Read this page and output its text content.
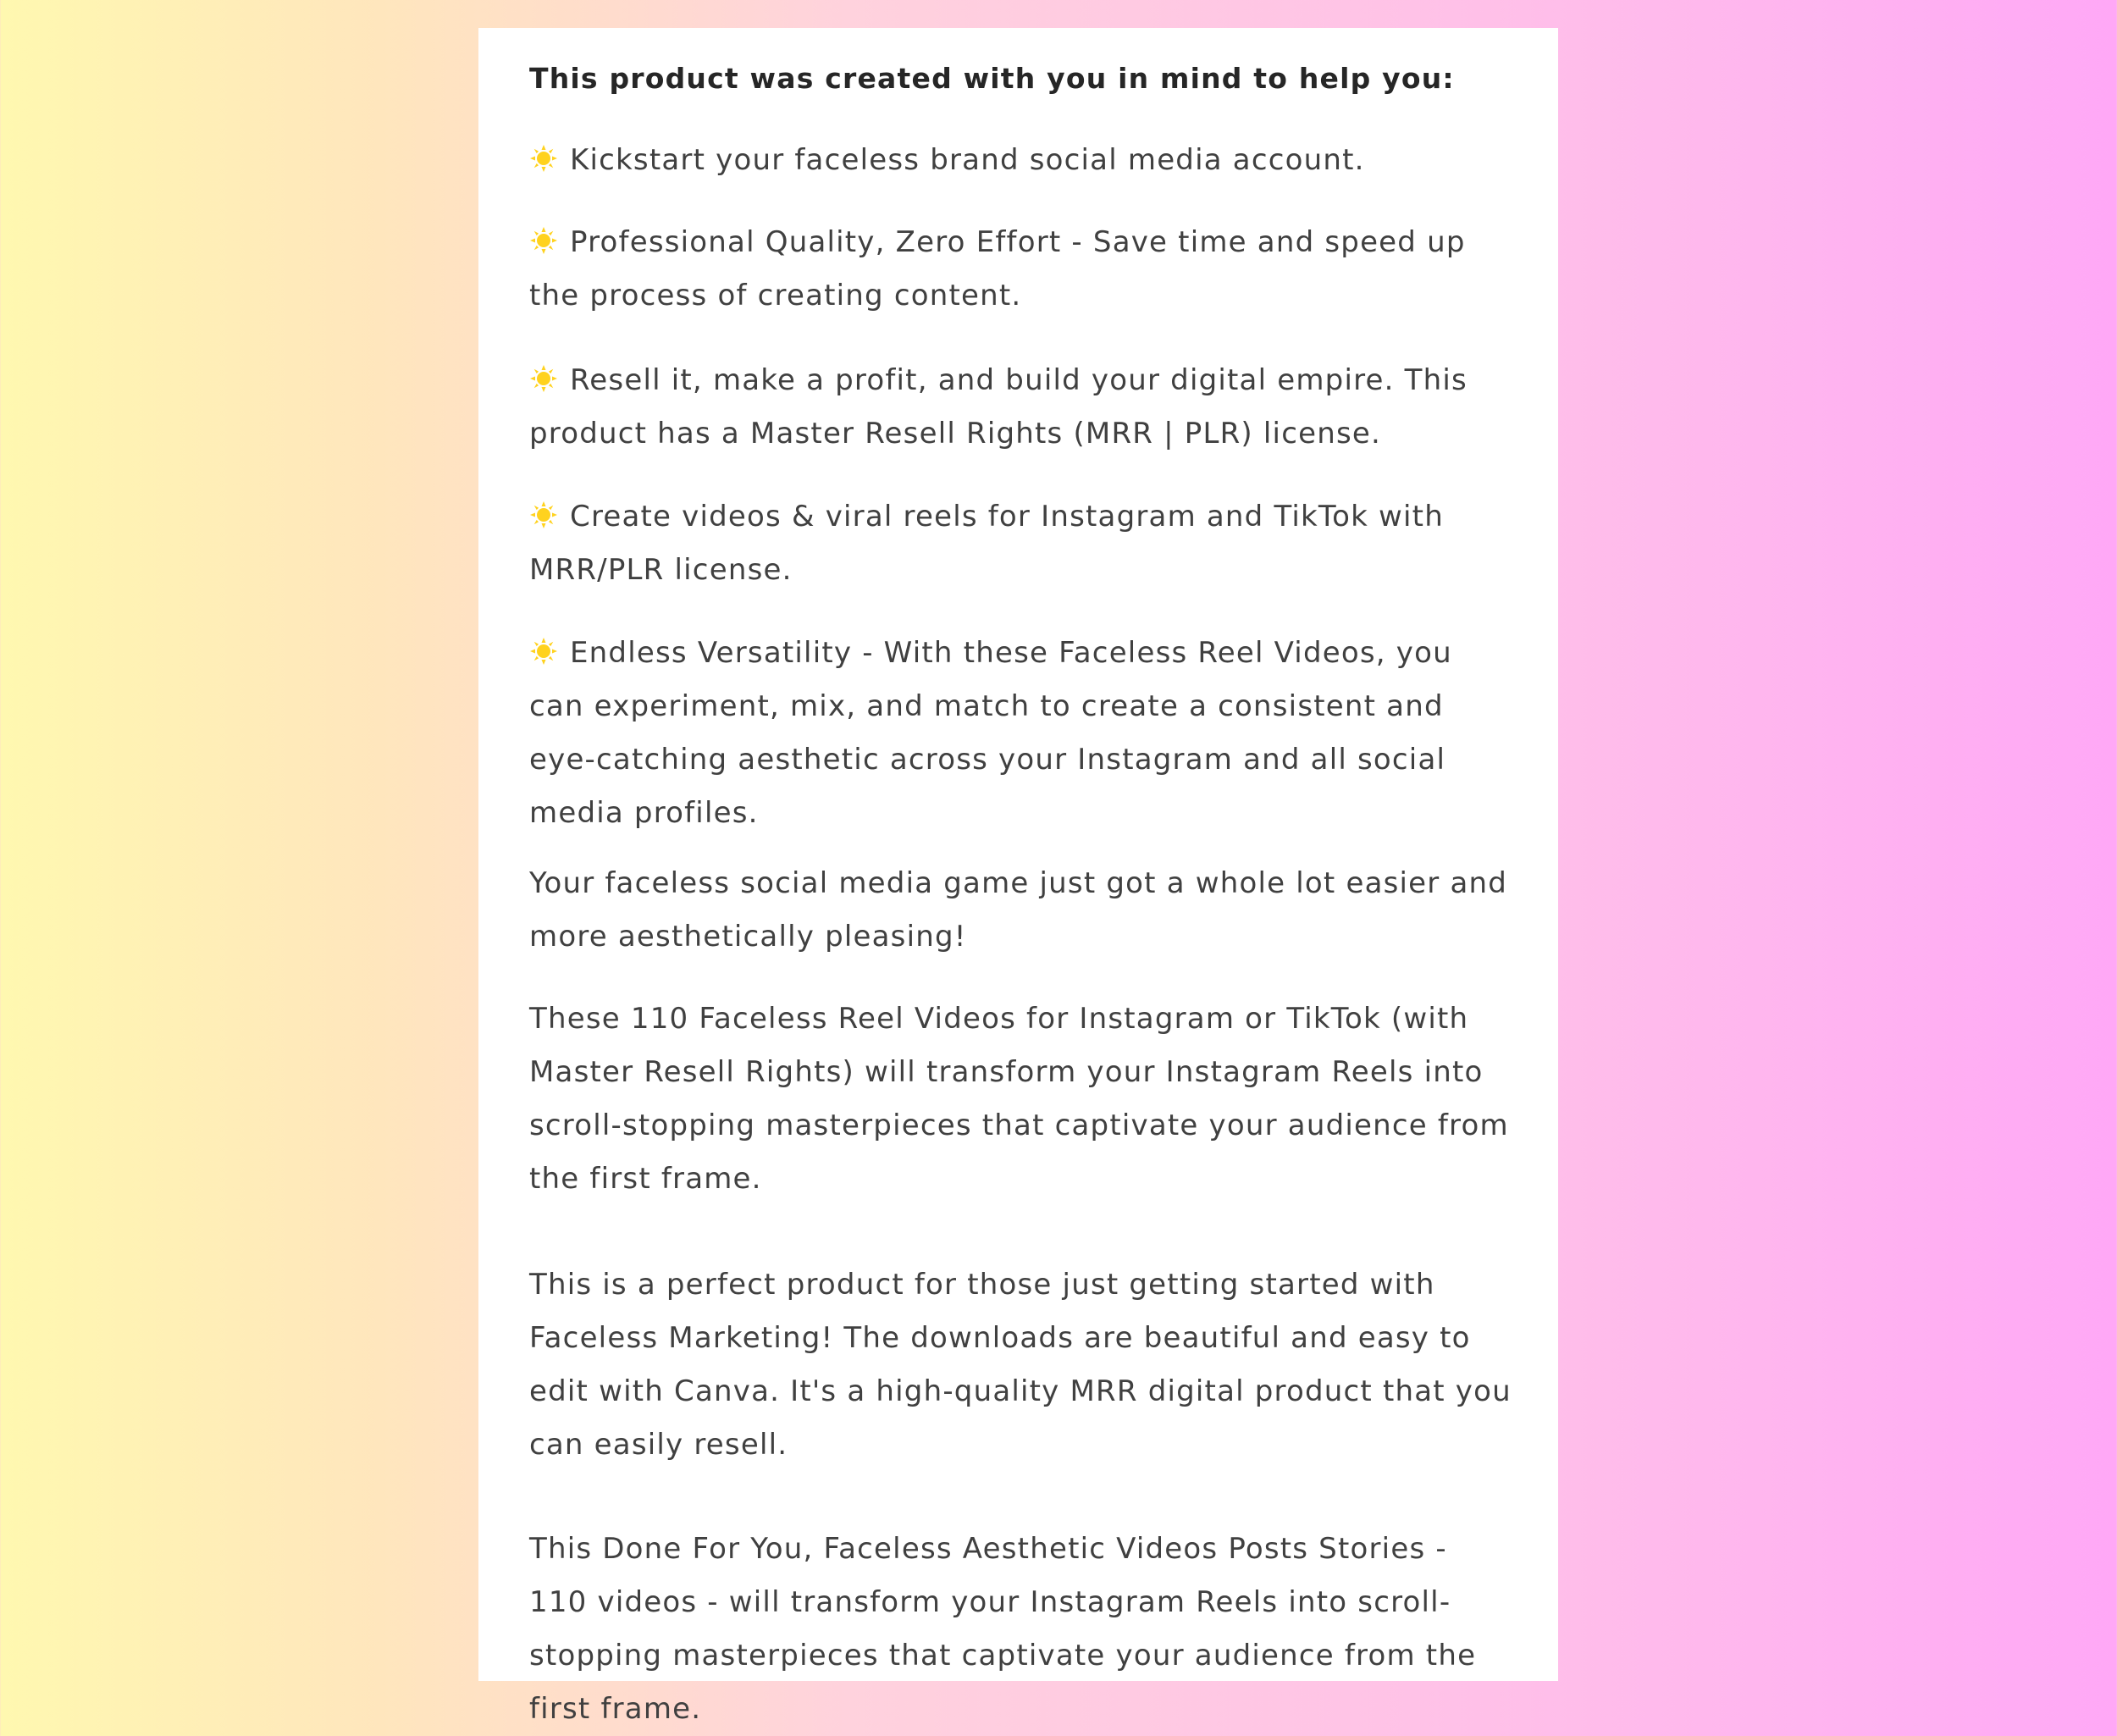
This product was created with you in mind to help you:

Kickstart your faceless brand social media account.

Professional Quality, Zero Effort - Save time and speed up the process of creating content.

Resell it, make a profit, and build your digital empire. This product has a Master Resell Rights (MRR | PLR) license.

Create videos & viral reels for Instagram and TikTok with MRR/PLR license.

Endless Versatility - With these Faceless Reel Videos, you can experiment, mix, and match to create a consistent and eye-catching aesthetic across your Instagram and all social media profiles.

Your faceless social media game just got a whole lot easier and more aesthetically pleasing!

These 110 Faceless Reel Videos for Instagram or TikTok (with Master Resell Rights) will transform your Instagram Reels into scroll-stopping masterpieces that captivate your audience from the first frame.

This is a perfect product for those just getting started with Faceless Marketing! The downloads are beautiful and easy to edit with Canva. It's a high-quality MRR digital product that you can easily resell.

This Done For You, Faceless Aesthetic Videos Posts Stories - 110 videos - will transform your Instagram Reels into scroll-stopping masterpieces that captivate your audience from the first frame.
